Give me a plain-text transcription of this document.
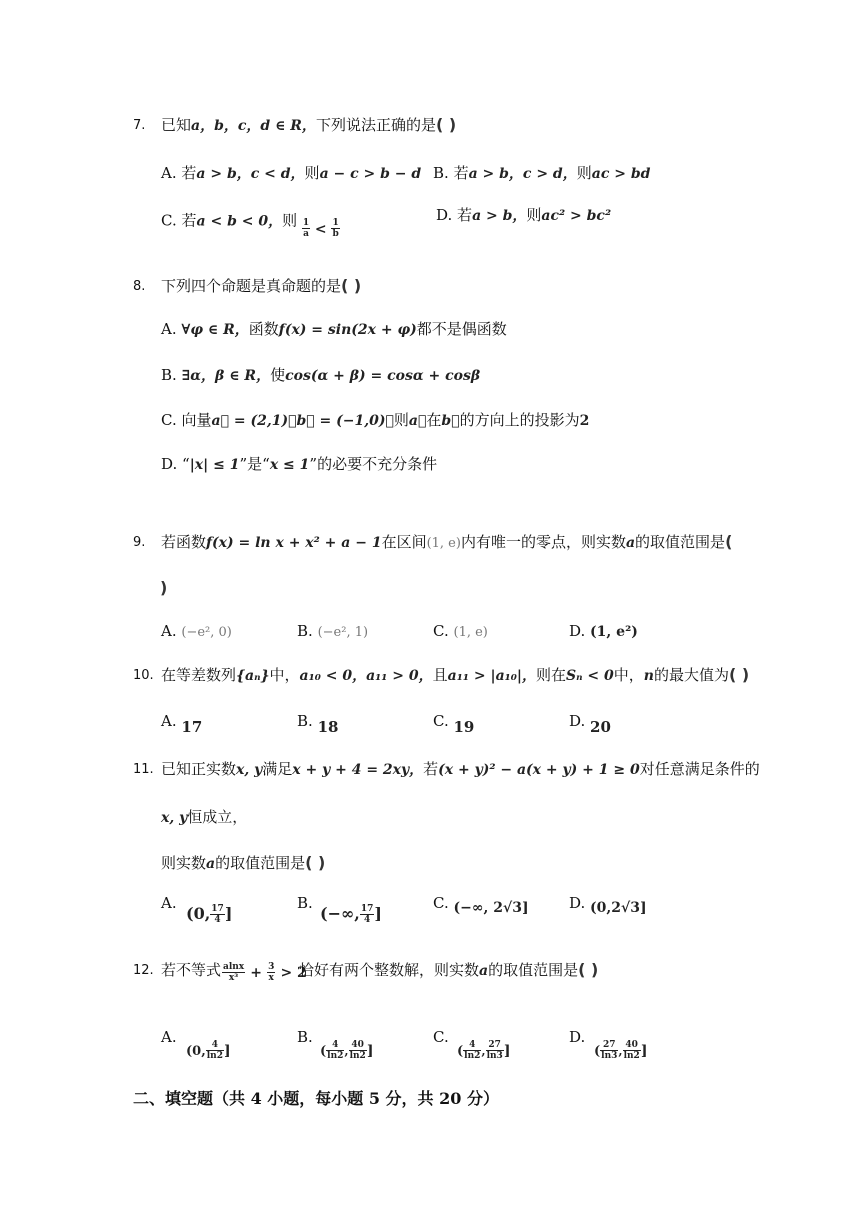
7. 已知a，b，c，d ∈ R，下列说法正确的是( )
A. 若a > b，c < d，则a − c > b − d B. 若a > b，c > d，则ac > bd
C. 若a < b < 0，则 $\frac{1}{a} < \frac{1}{b}$
D. 若a > b，则ac² > bc²
8. 下列四个命题是真命题的是( )
A. ∀φ ∈ R，函数f(x) = sin(2x + φ)都不是偶函数
B. ∃α，β ∈ R，使cos(α + β) = cosα + cosβ
C. 向量a⃗ = (2,1)，b⃗ = (−1,0)，则a⃗在b⃗的方向上的投影为2
D. “|x| ≤ 1”是“x ≤ 1”的必要不充分条件
9. 若函数f(x) = ln x + x² + a − 1在区间(1, e)内有唯一的零点，则实数a的取值范围是(
)
A. (−e², 0)	B. (−e², 1)	C. (1, e)	D. (1, e²)
10. 在等差数列{aₙ}中，a₁₀ < 0，a₁₁ > 0，且a₁₁ > |a₁₀|，则在Sₙ < 0中，n的最大值为( )
A. 17	B. 18	C. 19	D. 20
11. 已知正实数x, y满足x + y + 4 = 2xy，若(x + y)² − a(x + y) + 1 ≥ 0对任意满足条件的
x, y恒成立，
则实数a的取值范围是( )
A.
(0, $\frac{17}{4}$ ]
B.
(−∞, $\frac{17}{4}$ ]
C. (−∞, 2√3]	D. (0,2√3]
12. 若不等式 $\frac{alnx}{\text{x³}} + \frac{3}{x} > 2$
恰好有两个整数解，则实数a的取值范围是( )
A.
(0, $\frac{4}{\ln 2}$ ]
B.
( $\frac{4}{\ln 2}$ , $\frac{40}{\ln 2}$ ]
C.
( $\frac{4}{\ln 2}$ , $\frac{27}{\ln 3}$ ]
D.
( $\frac{27}{\ln 3}$ , $\frac{40}{\ln 2}$ ]
二、填空题（共 4 小题，每小题 5 分，共 20 分）
